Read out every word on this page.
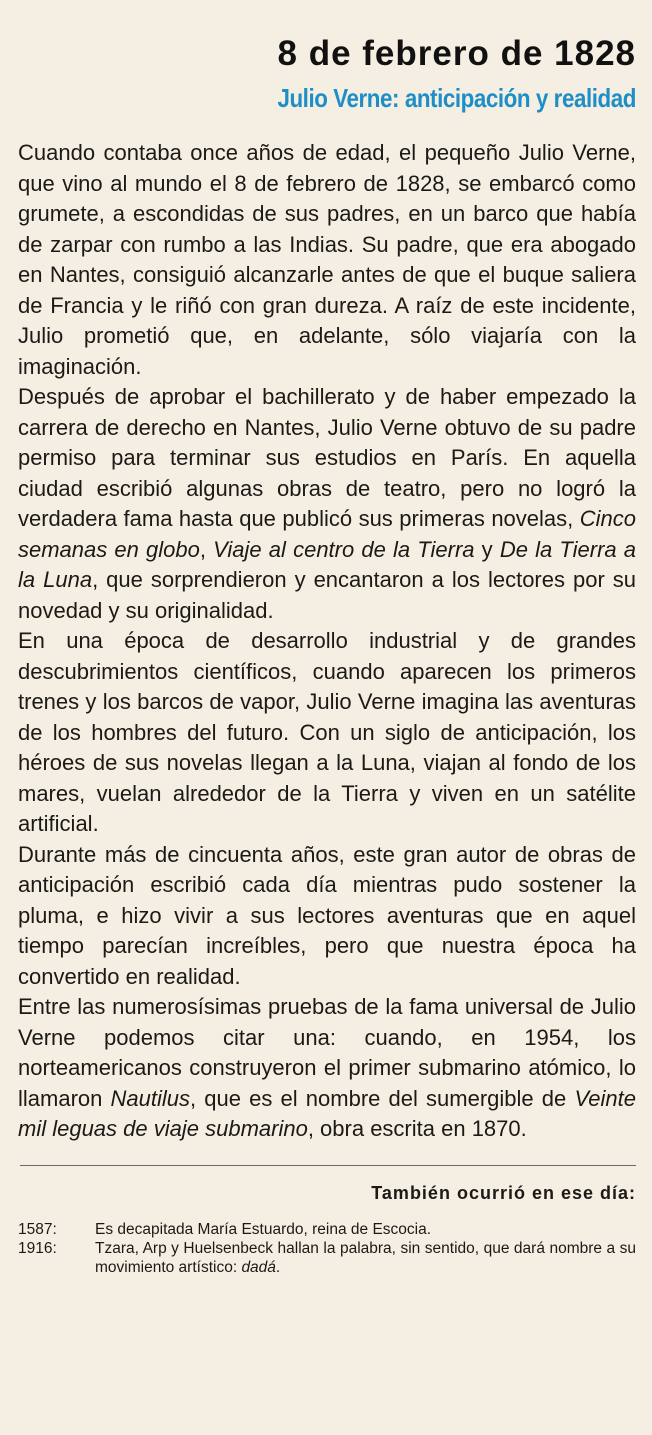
8 de febrero de 1828
Julio Verne: anticipación y realidad

Cuando contaba once años de edad, el pequeño Julio Verne, que vino al mundo el 8 de febrero de 1828, se embarcó como grumete, a escondidas de sus padres, en un barco que había de zarpar con rumbo a las Indias. Su padre, que era abogado en Nantes, consiguió alcanzarle antes de que el buque saliera de Francia y le riñó con gran dureza. A raíz de este incidente, Julio prometió que, en adelante, sólo viajaría con la imaginación.

Después de aprobar el bachillerato y de haber empezado la carrera de derecho en Nantes, Julio Verne obtuvo de su padre permiso para terminar sus estudios en París. En aquella ciudad escribió algunas obras de teatro, pero no logró la verdadera fama hasta que publicó sus primeras novelas, Cinco semanas en globo, Viaje al centro de la Tierra y De la Tierra a la Luna, que sorprendieron y encantaron a los lectores por su novedad y su originalidad.

En una época de desarrollo industrial y de grandes descubrimientos científicos, cuando aparecen los primeros trenes y los barcos de vapor, Julio Verne imagina las aventuras de los hombres del futuro. Con un siglo de anticipación, los héroes de sus novelas llegan a la Luna, viajan al fondo de los mares, vuelan alrededor de la Tierra y viven en un satélite artificial.

Durante más de cincuenta años, este gran autor de obras de anticipación escribió cada día mientras pudo sostener la pluma, e hizo vivir a sus lectores aventuras que en aquel tiempo parecían increíbles, pero que nuestra época ha convertido en realidad.

Entre las numerosísimas pruebas de la fama universal de Julio Verne podemos citar una: cuando, en 1954, los norteamericanos construyeron el primer submarino atómico, lo llamaron Nautilus, que es el nombre del sumergible de Veinte mil leguas de viaje submarino, obra escrita en 1870.

También ocurrió en ese día:
1587:	Es decapitada María Estuardo, reina de Escocia.
1916:	Tzara, Arp y Huelsenbeck hallan la palabra, sin sentido, que dará nombre a su movimiento artístico: dadá.
